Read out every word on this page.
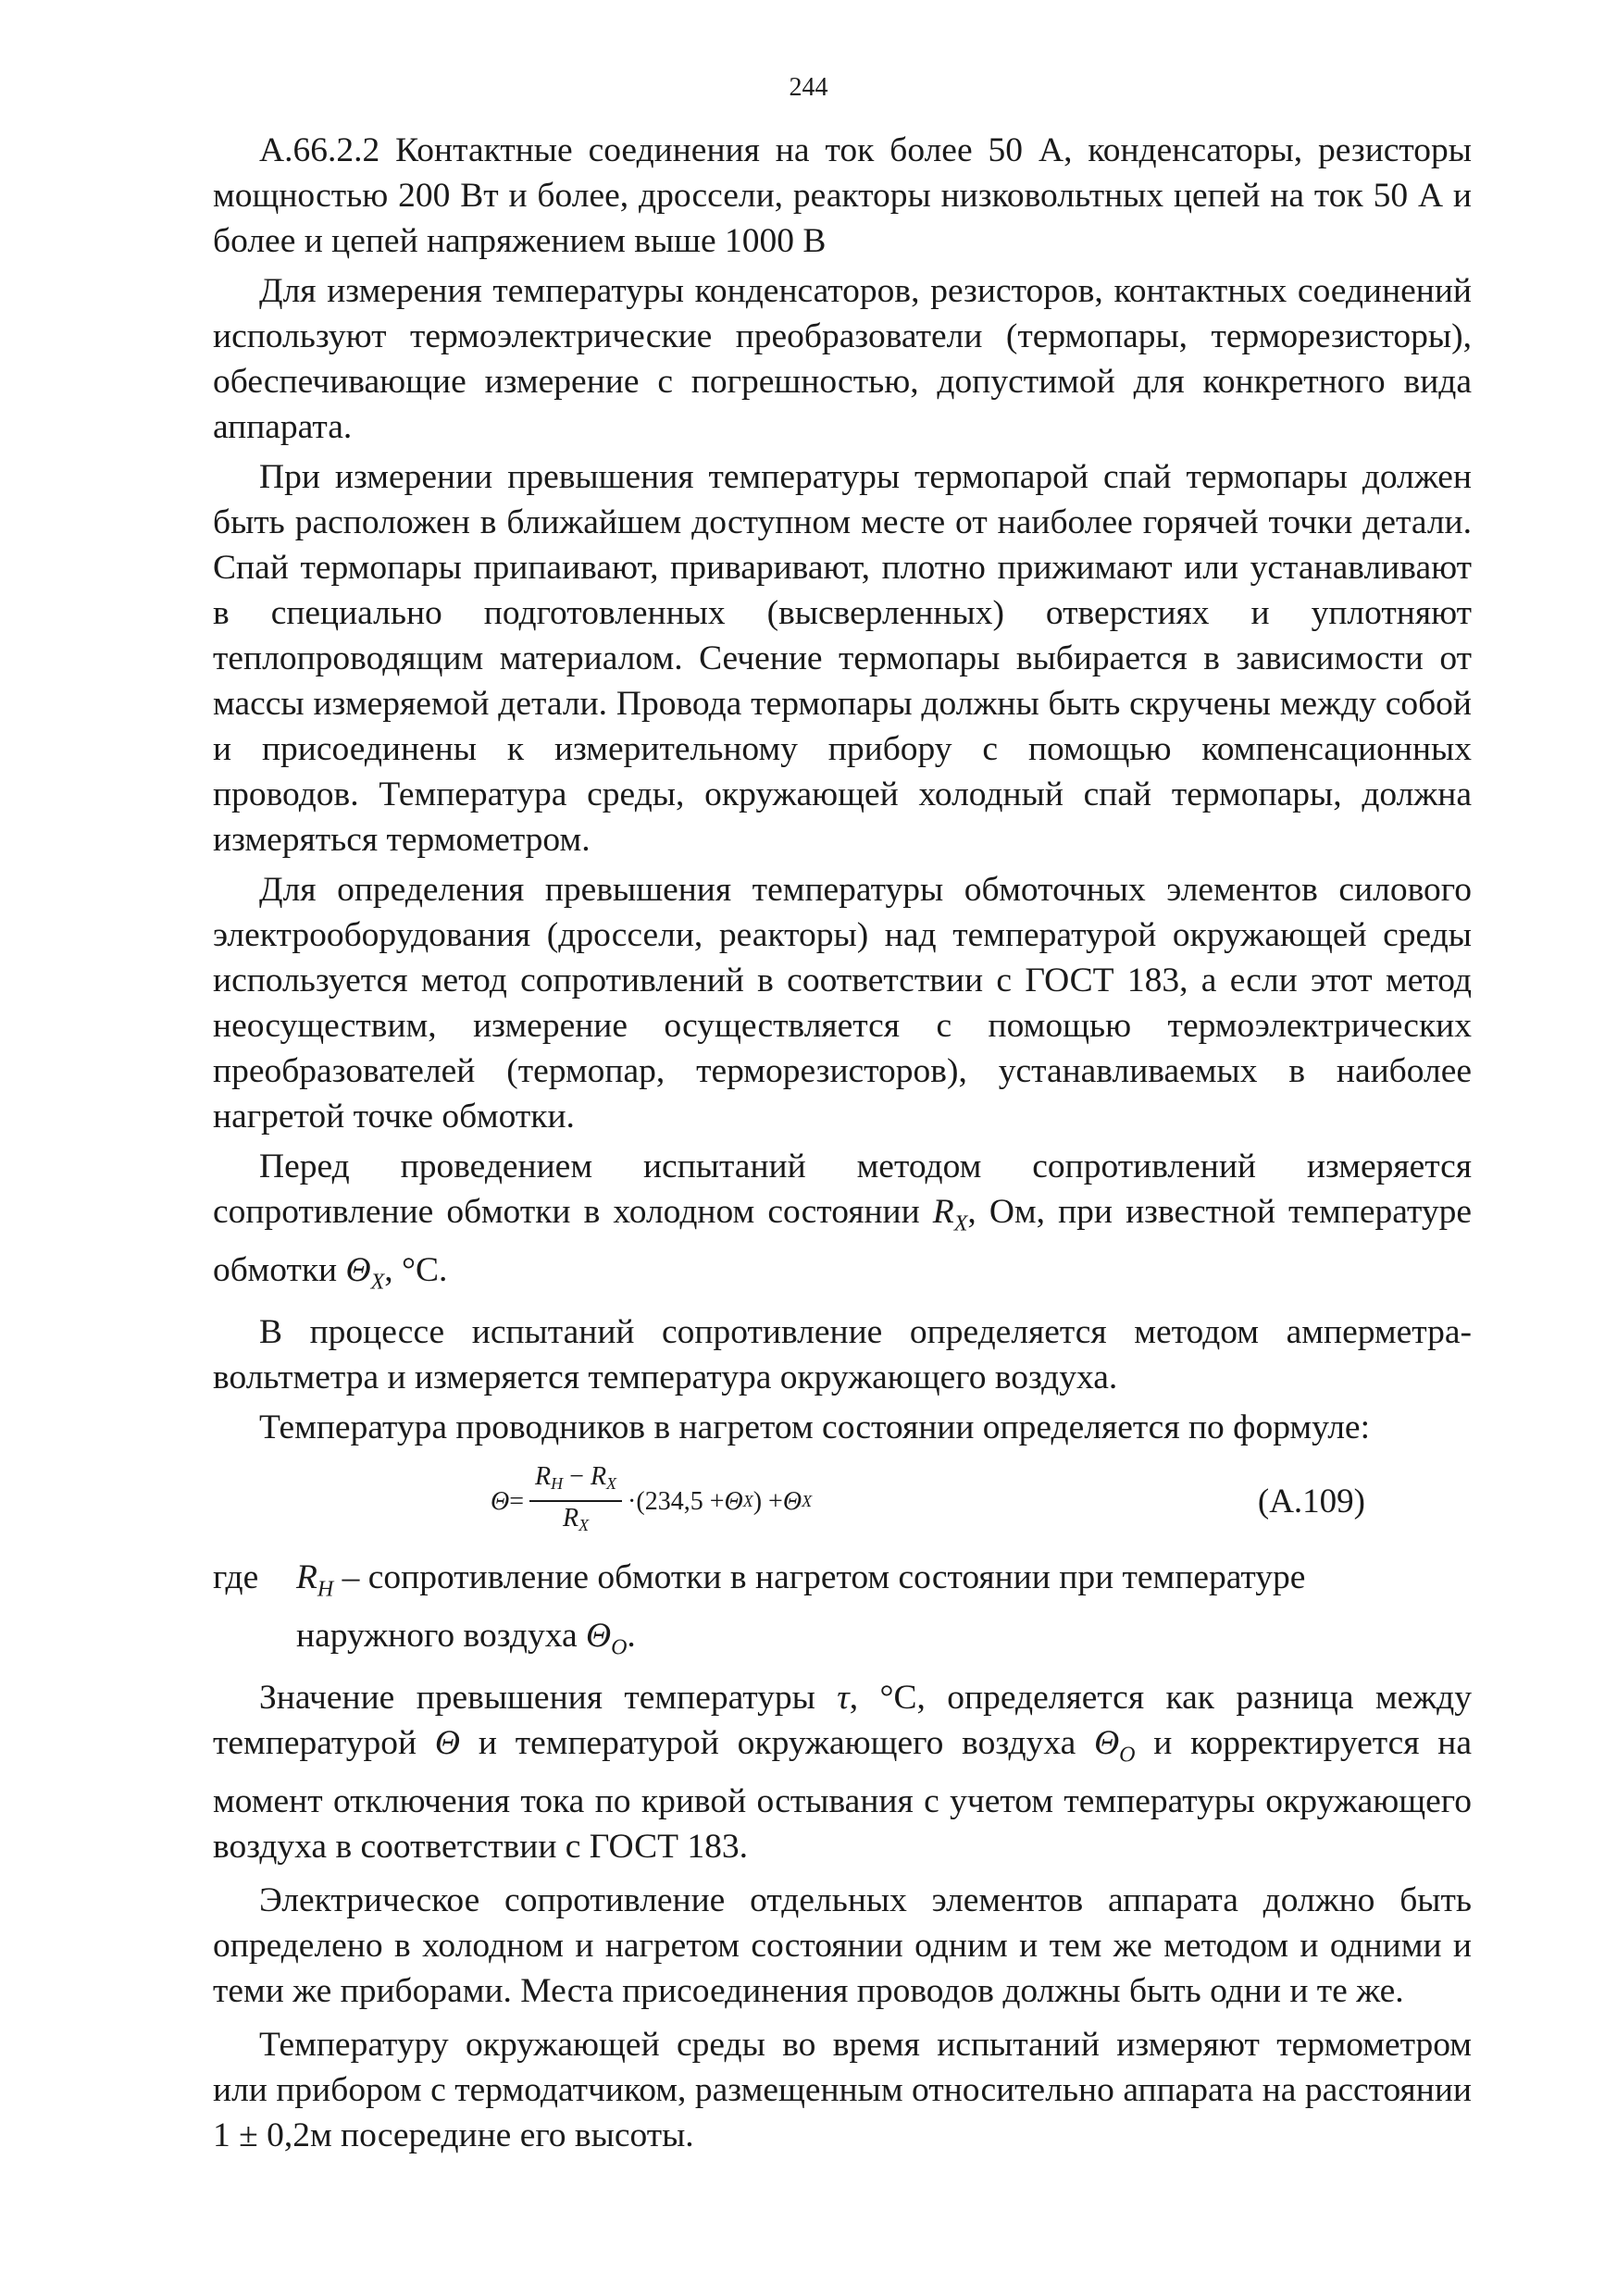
244

А.66.2.2 Контактные соединения на ток более 50 А, конденсаторы, резисторы мощностью 200 Вт и более, дроссели, реакторы низковольтных цепей на ток 50 А и более и цепей напряжением выше 1000 В

Для измерения температуры конденсаторов, резисторов, контактных соединений используют термоэлектрические преобразователи (термопары, терморезисторы), обеспечивающие измерение с погрешностью, допустимой для конкретного вида аппарата.

При измерении превышения температуры термопарой спай термопары должен быть расположен в ближайшем доступном месте от наиболее горячей точки детали. Спай термопары припаивают, приваривают, плотно прижимают или устанавливают в специально подготовленных (высверленных) отверстиях и уплотняют теплопроводящим материалом. Сечение термопары выбирается в зависимости от массы измеряемой детали. Провода термопары должны быть скручены между собой и присоединены к измерительному прибору с помощью компенсационных проводов. Температура среды, окружающей холодный спай термопары, должна измеряться термометром.

Для определения превышения температуры обмоточных элементов силового электрооборудования (дроссели, реакторы) над температурой окружающей среды используется метод сопротивлений в соответствии с ГОСТ 183, а если этот метод неосуществим, измерение осуществляется с помощью термоэлектрических преобразователей (термопар, терморезисторов), устанавливаемых в наиболее нагретой точке обмотки.

Перед проведением испытаний методом сопротивлений измеряется сопротивление обмотки в холодном состоянии $R_X$, Ом, при известной температуре обмотки $\Theta_X$, °С.

В процессе испытаний сопротивление определяется методом амперметра-вольтметра и измеряется температура окружающего воздуха.

Температура проводников в нагретом состоянии определяется по формуле:

$\Theta = \frac{R_H - R_X}{R_X} \cdot(234,5 + \Theta$ X ) + Θ X	(А.109)
где	$R_H$ – сопротивление обмотки в нагретом состоянии при температуре наружного воздуха $\Theta_O$.

Значение превышения температуры τ, °С, определяется как разница между температурой Θ и температурой окружающего воздуха $\Theta_O$ и корректируется на момент отключения тока по кривой остывания с учетом температуры окружающего воздуха в соответствии с ГОСТ 183.

Электрическое сопротивление отдельных элементов аппарата должно быть определено в холодном и нагретом состоянии одним и тем же методом и одними и теми же приборами. Места присоединения проводов должны быть одни и те же.

Температуру окружающей среды во время испытаний измеряют термометром или прибором с термодатчиком, размещенным относительно аппарата на расстоянии 1 ± 0,2м посередине его высоты.
